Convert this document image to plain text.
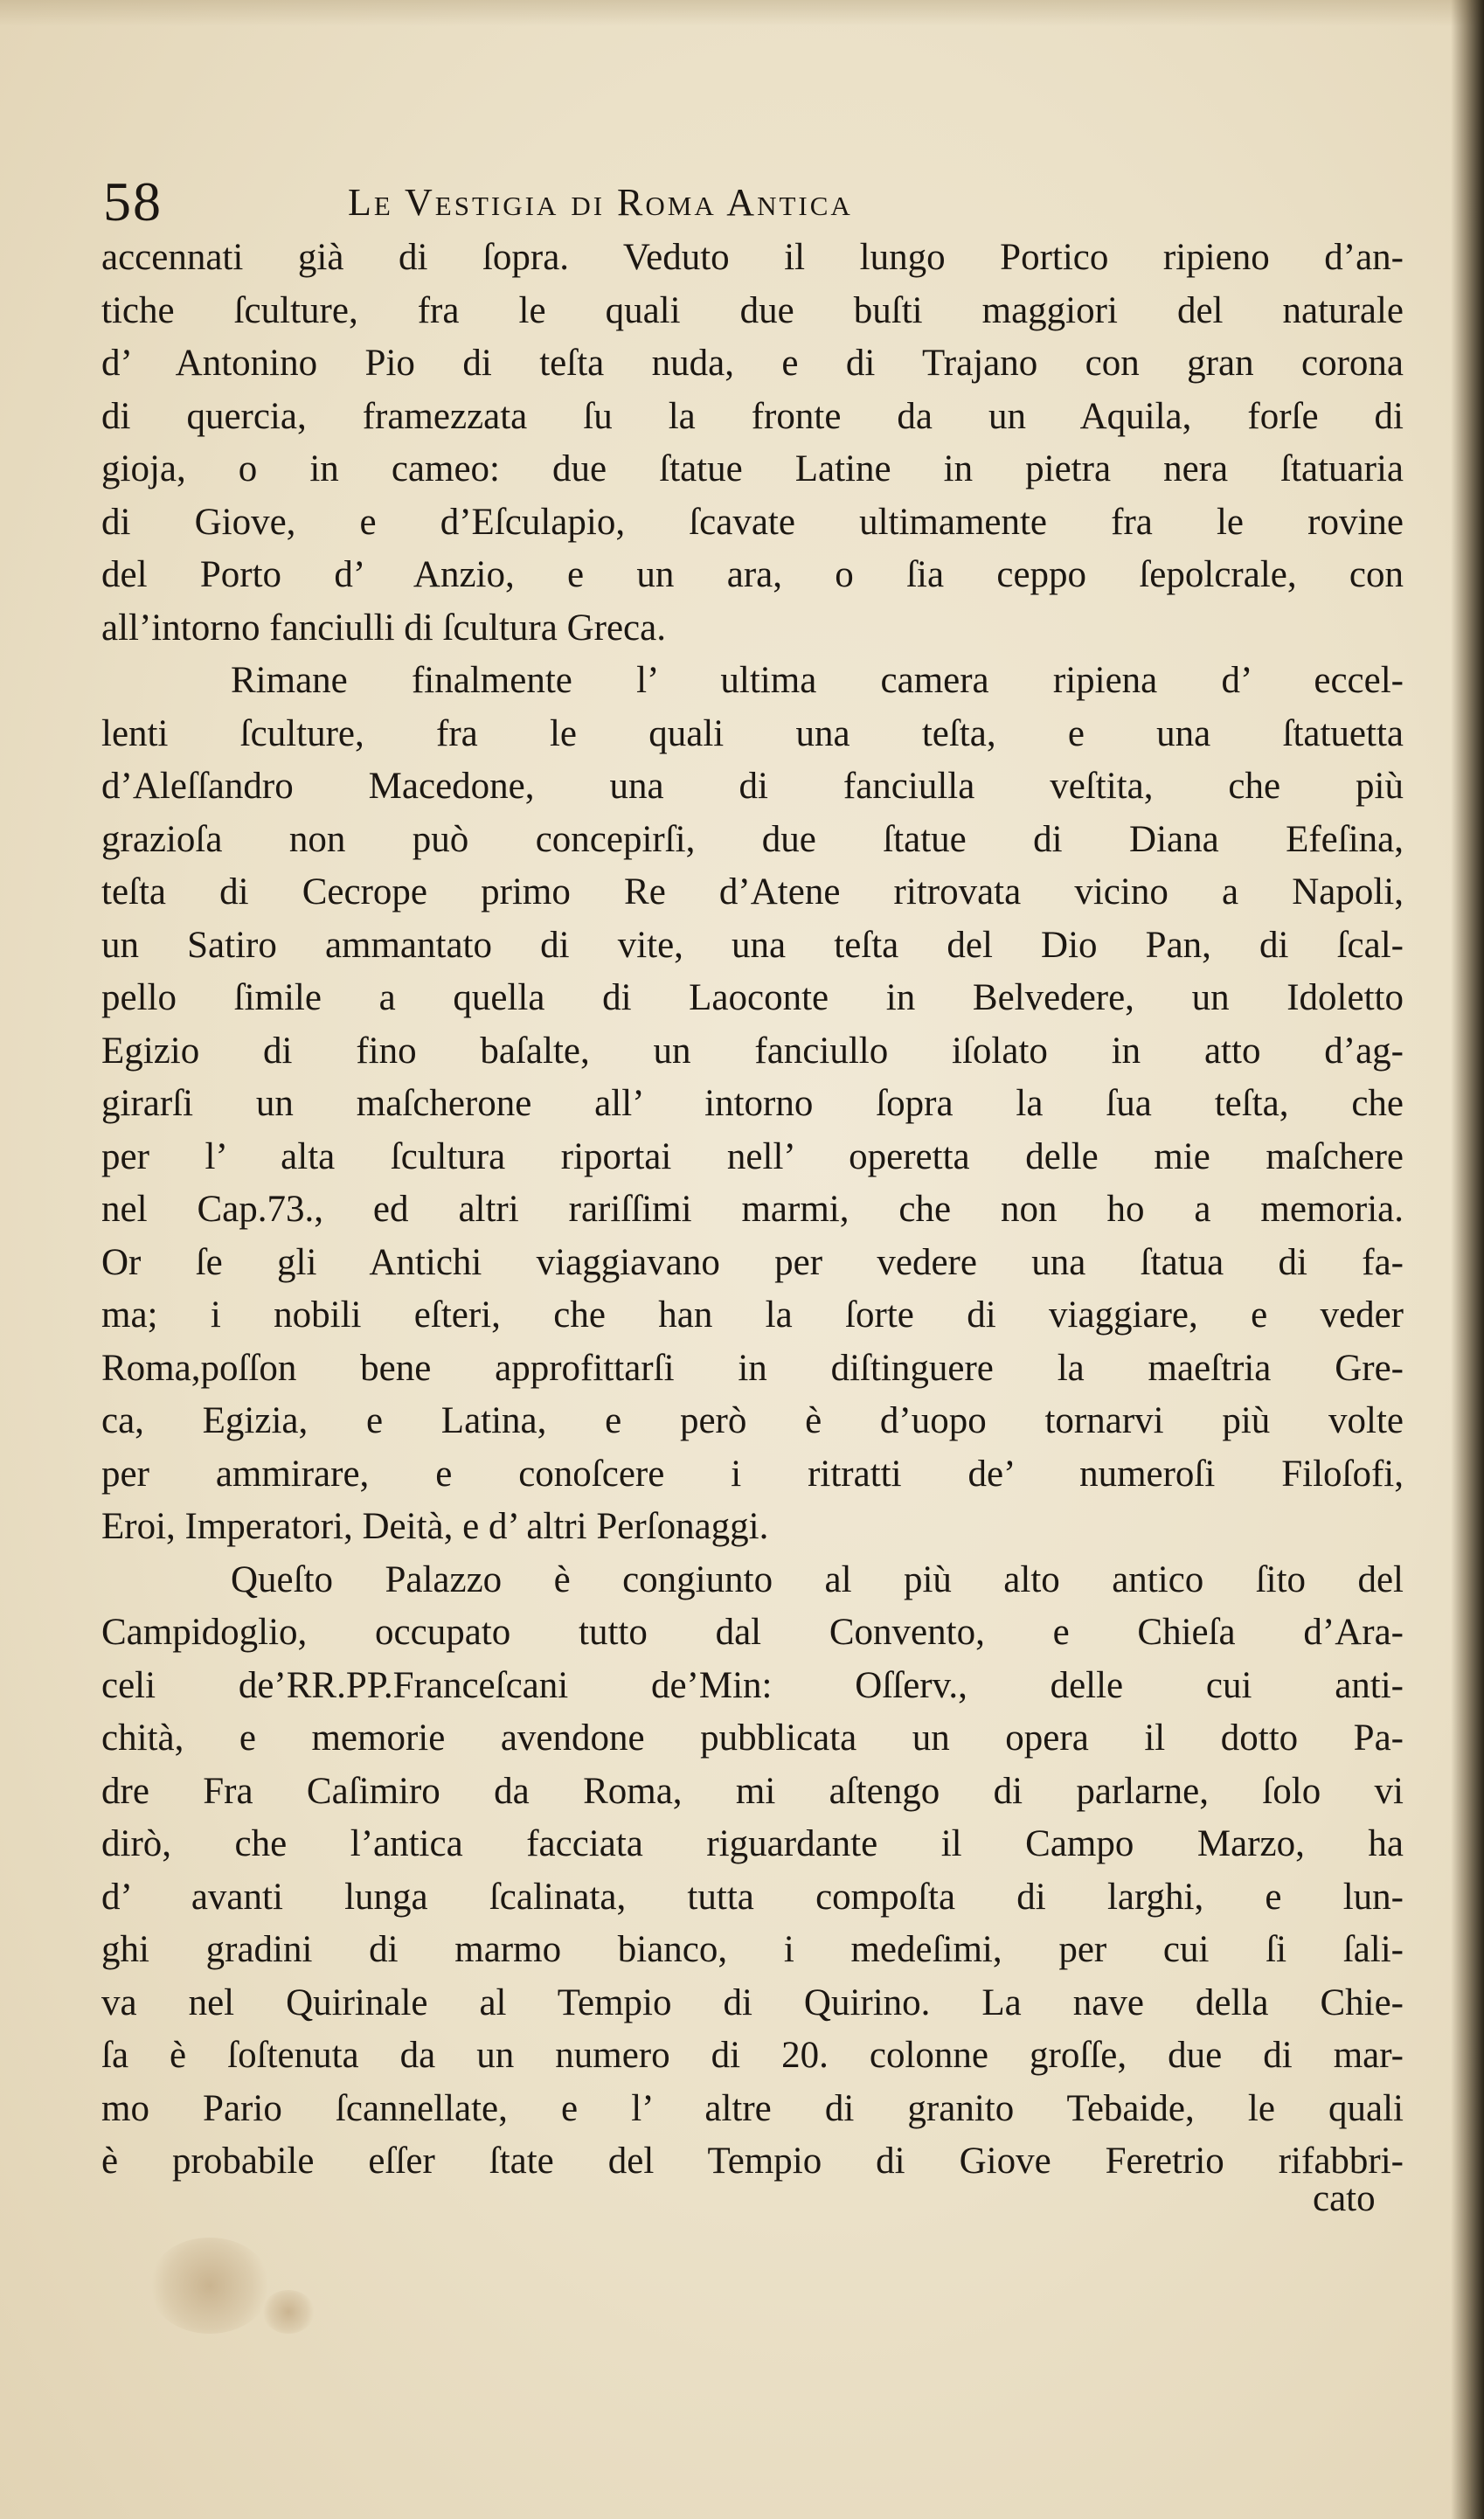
58	Le Vestigia di Roma Antica
accennati già di ſopra. Veduto il lungo Portico ripieno d’an-
tiche ſculture, fra le quali due buſti maggiori del naturale
d’ Antonino Pio di teſta nuda, e di Trajano con gran corona
di quercia, framezzata ſu la fronte da un Aquila, forſe di
gioja, o in cameo: due ſtatue Latine in pietra nera ſtatuaria
di Giove, e d’Eſculapio, ſcavate ultimamente fra le rovine
del Porto d’ Anzio, e un ara, o ſia ceppo ſepolcrale, con
all’intorno fanciulli di ſcultura Greca.
Rimane finalmente l’ ultima camera ripiena d’ eccel-
lenti ſculture, fra le quali una teſta, e una ſtatuetta
d’Aleſſandro Macedone, una di fanciulla veſtita, che più
grazioſa non può concepirſi, due ſtatue di Diana Efeſina,
teſta di Cecrope primo Re d’Atene ritrovata vicino a Napoli,
un Satiro ammantato di vite, una teſta del Dio Pan, di ſcal-
pello ſimile a quella di Laoconte in Belvedere, un Idoletto
Egizio di fino baſalte, un fanciullo iſolato in atto d’ag-
girarſi un maſcherone all’ intorno ſopra la ſua teſta, che
per l’ alta ſcultura riportai nell’ operetta delle mie maſchere
nel Cap.73., ed altri rariſſimi marmi, che non ho a memoria.
Or ſe gli Antichi viaggiavano per vedere una ſtatua di fa-
ma; i nobili eſteri, che han la ſorte di viaggiare, e veder
Roma,poſſon bene approfittarſi in diſtinguere la maeſtria Gre-
ca, Egizia, e Latina, e però è d’uopo tornarvi più volte
per ammirare, e conoſcere i ritratti de’ numeroſi Filoſofi,
Eroi, Imperatori, Deità, e d’ altri Perſonaggi.
Queſto Palazzo è congiunto al più alto antico ſito del
Campidoglio, occupato tutto dal Convento, e Chieſa d’Ara-
celi de’RR.PP.Franceſcani de’Min: Oſſerv., delle cui anti-
chità, e memorie avendone pubblicata un opera il dotto Pa-
dre Fra Caſimiro da Roma, mi aſtengo di parlarne, ſolo vi
dirò, che l’antica facciata riguardante il Campo Marzo, ha
d’ avanti lunga ſcalinata, tutta compoſta di larghi, e lun-
ghi gradini di marmo bianco, i medeſimi, per cui ſi ſali-
va nel Quirinale al Tempio di Quirino. La nave della Chie-
ſa è ſoſtenuta da un numero di 20. colonne groſſe, due di mar-
mo Pario ſcannellate, e l’ altre di granito Tebaide, le quali
è probabile eſſer ſtate del Tempio di Giove Feretrio rifabbri-
cato
